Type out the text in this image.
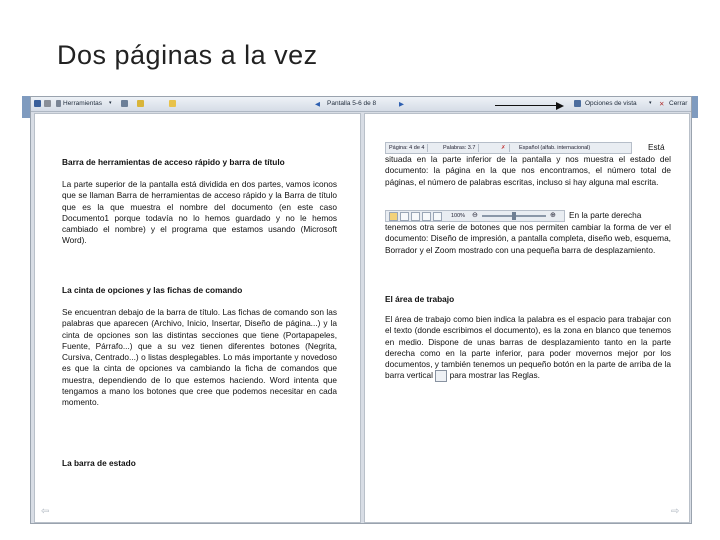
Dos páginas a la vez
Herramientas ▾	◀ Pantalla 5-6 de 8	▶	Opciones de vista ▾ ✕ Cerrar
Barra de herramientas de acceso rápido y barra de título
La parte superior de la pantalla está dividida en dos partes, vamos iconos que se llaman Barra de herramientas de acceso rápido y la Barra de título que es la que muestra el nombre del documento (en este caso Documento1 porque todavía no lo hemos guardado y no le hemos cambiado el nombre) y el programa que estamos usando (Microsoft Word).
La cinta de opciones y las fichas de comando
Se encuentran debajo de la barra de título. Las fichas de comando son las palabras que aparecen (Archivo, Inicio, Insertar, Diseño de página...) y la cinta de opciones son las distintas secciones que tiene (Portapapeles, Fuente, Párrafo...) que a su vez tienen diferentes botones (Negrita, Cursiva, Centrado...) o listas desplegables. Lo más importante y novedoso es que la cinta de opciones va cambiando la ficha de comandos que muestra, dependiendo de lo que estemos haciendo. Word intenta que tengamos a mano los botones que cree que podemos necesitar en cada momento.
La barra de estado
⇦
Página: 4 de 4	Palabras: 3.7	✗	Español (alfab. internacional)	Está
situada en la parte inferior de la pantalla y nos muestra el estado del documento: la página en la que nos encontramos, el número total de páginas, el número de palabras escritas, incluso si hay alguna mal escrita.
100% ⊖	⊕ En la parte derecha
tenemos otra serie de botones que nos permiten cambiar la forma de ver el documento: Diseño de impresión, a pantalla completa, diseño web, esquema, Borrador y el Zoom mostrado con una pequeña barra de desplazamiento.
El área de trabajo
El área de trabajo como bien indica la palabra es el espacio para trabajar con el texto (donde escribimos el documento), es la zona en blanco que tenemos en medio. Dispone de unas barras de desplazamiento tanto en la parte derecha como en la parte inferior, para poder movernos mejor por los documentos, y también tenemos un pequeño botón en la parte de arriba de la barra vertical para mostrar las Reglas.
⇨
